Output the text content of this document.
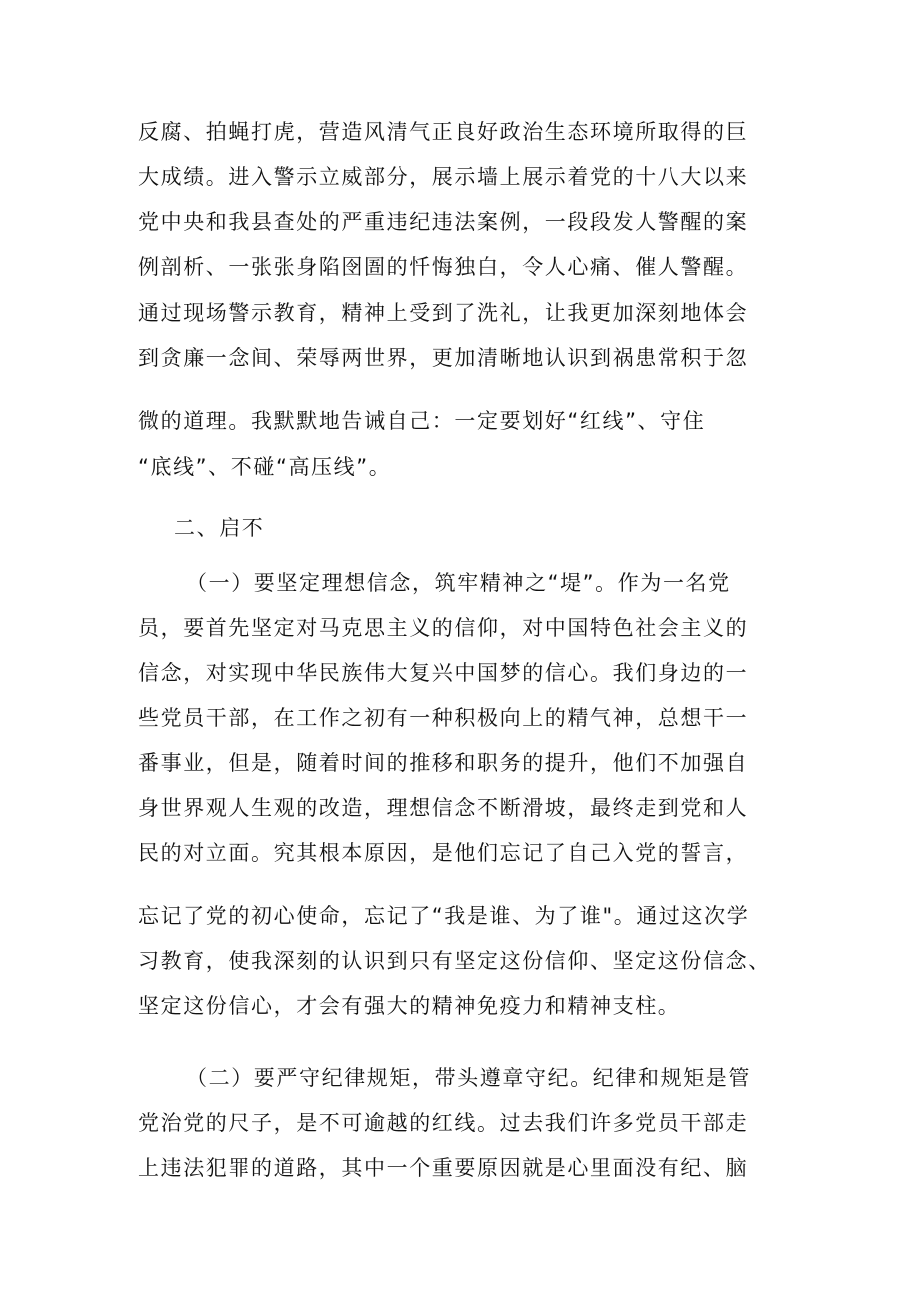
反腐、拍蝇打虎，营造风清气正良好政治生态环境所取得的巨
大成绩。进入警示立威部分，展示墙上展示着党的十八大以来
党中央和我县查处的严重违纪违法案例，一段段发人警醒的案
例剖析、一张张身陷囹圄的忏悔独白，令人心痛、催人警醒。
通过现场警示教育，精神上受到了洗礼，让我更加深刻地体会
到贪廉一念间、荣辱两世界，更加清晰地认识到祸患常积于忽
微的道理。我默默地告诫自己：一定要划好“红线”、守住
“底线”、不碰“高压线”。
二、启不
（一）要坚定理想信念，筑牢精神之“堤”。作为一名党
员，要首先坚定对马克思主义的信仰，对中国特色社会主义的
信念，对实现中华民族伟大复兴中国梦的信心。我们身边的一
些党员干部，在工作之初有一种积极向上的精气神，总想干一
番事业，但是，随着时间的推移和职务的提升，他们不加强自
身世界观人生观的改造，理想信念不断滑坡，最终走到党和人
民的对立面。究其根本原因，是他们忘记了自己入党的誓言，
忘记了党的初心使命，忘记了“我是谁、为了谁"。通过这次学
习教育，使我深刻的认识到只有坚定这份信仰、坚定这份信念、
坚定这份信心，才会有强大的精神免疫力和精神支柱。
（二）要严守纪律规矩，带头遵章守纪。纪律和规矩是管
党治党的尺子，是不可逾越的红线。过去我们许多党员干部走
上违法犯罪的道路，其中一个重要原因就是心里面没有纪、脑
